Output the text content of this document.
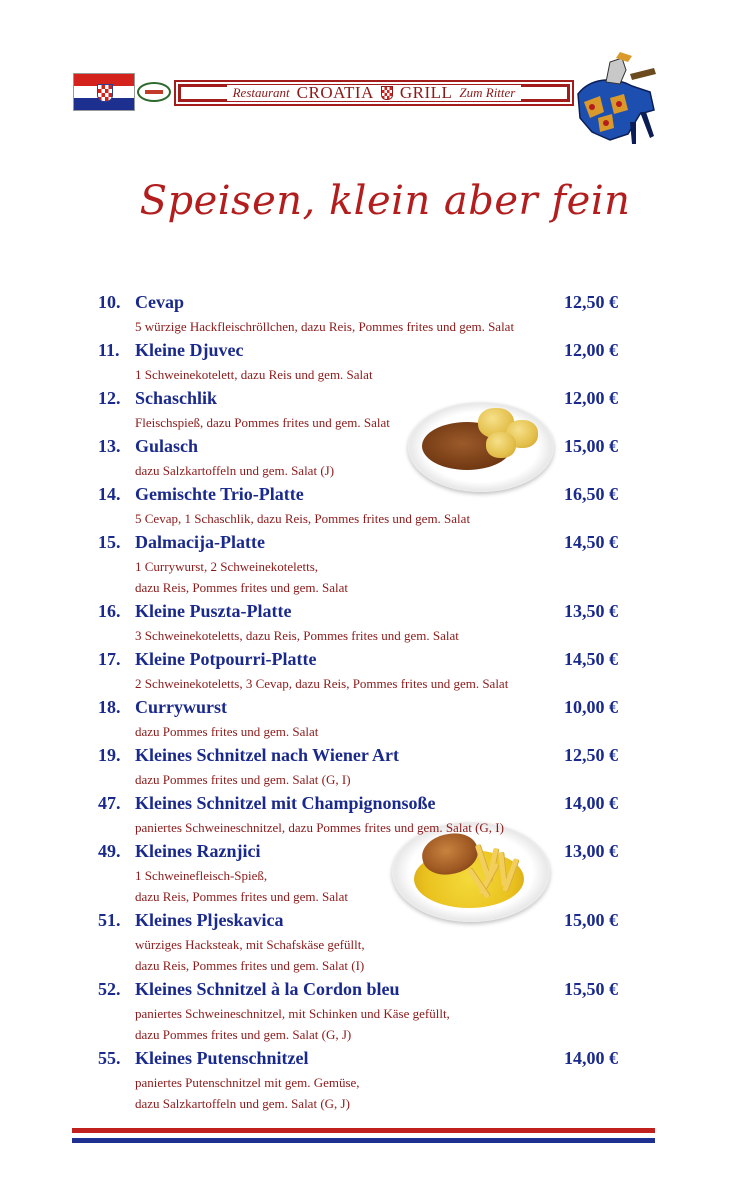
Restaurant CROATIA GRILL Zum Ritter
Speisen, klein aber fein
10. Cevap	12,50 €
5 würzige Hackfleischröllchen, dazu Reis, Pommes frites und gem. Salat
11. Kleine Djuvec	12,00 €
1 Schweinekotelett, dazu Reis und gem. Salat
12. Schaschlik	12,00 €
Fleischspieß, dazu Pommes frites und gem. Salat
13. Gulasch	15,00 €
dazu Salzkartoffeln und gem. Salat (J)
14. Gemischte Trio-Platte	16,50 €
5 Cevap, 1 Schaschlik, dazu Reis, Pommes frites und gem. Salat
15. Dalmacija-Platte	14,50 €
1 Currywurst, 2 Schweinekoteletts,
dazu Reis, Pommes frites und gem. Salat
16. Kleine Puszta-Platte	13,50 €
3 Schweinekoteletts, dazu Reis, Pommes frites und gem. Salat
17. Kleine Potpourri-Platte	14,50 €
2 Schweinekoteletts, 3 Cevap, dazu Reis, Pommes frites und gem. Salat
18. Currywurst	10,00 €
dazu Pommes frites und gem. Salat
19. Kleines Schnitzel nach Wiener Art	12,50 €
dazu Pommes frites und gem. Salat (G, I)
47. Kleines Schnitzel mit Champignonsoße	14,00 €
paniertes Schweineschnitzel, dazu Pommes frites und gem. Salat (G, I)
49. Kleines Raznjici	13,00 €
1 Schweinefleisch-Spieß,
dazu Reis, Pommes frites und gem. Salat
51. Kleines Pljeskavica	15,00 €
würziges Hacksteak, mit Schafskäse gefüllt,
dazu Reis, Pommes frites und gem. Salat (I)
52. Kleines Schnitzel à la Cordon bleu	15,50 €
paniertes Schweineschnitzel, mit Schinken und Käse gefüllt,
dazu Pommes frites und gem. Salat (G, J)
55. Kleines Putenschnitzel	14,00 €
paniertes Putenschnitzel mit gem. Gemüse,
dazu Salzkartoffeln und gem. Salat (G, J)
